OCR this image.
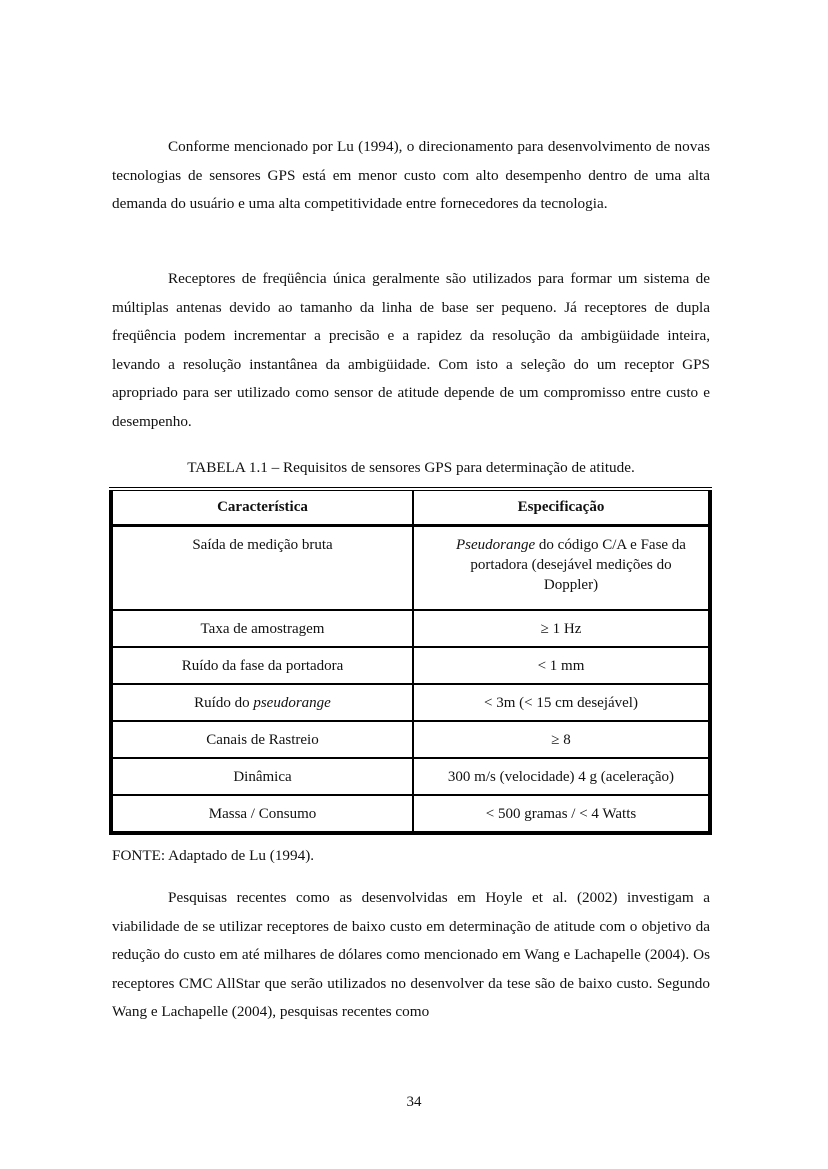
Conforme mencionado por Lu (1994), o direcionamento para desenvolvimento de novas tecnologias de sensores GPS está em menor custo com alto desempenho dentro de uma alta demanda do usuário e uma alta competitividade entre fornecedores da tecnologia.

Receptores de freqüência única geralmente são utilizados para formar um sistema de múltiplas antenas devido ao tamanho da linha de base ser pequeno. Já receptores de dupla freqüência podem incrementar a precisão e a rapidez da resolução da ambigüidade inteira, levando a resolução instantânea da ambigüidade. Com isto a seleção do um receptor GPS apropriado para ser utilizado como sensor de atitude depende de um compromisso entre custo e desempenho.

TABELA 1.1 – Requisitos de sensores GPS para determinação de atitude.
Característica	Especificação
Saída de medição bruta	Pseudorange do código C/A e Fase da portadora (desejável medições do Doppler)

Taxa de amostragem	≥ 1 Hz
Ruído da fase da portadora	< 1 mm
Ruído do pseudorange	< 3m (< 15 cm desejável)
Canais de Rastreio	≥ 8
Dinâmica	300 m/s (velocidade) 4 g (aceleração)
Massa / Consumo	< 500 gramas / < 4 Watts
FONTE: Adaptado de Lu (1994).

Pesquisas recentes como as desenvolvidas em Hoyle et al. (2002) investigam a viabilidade de se utilizar receptores de baixo custo em determinação de atitude com o objetivo da redução do custo em até milhares de dólares como mencionado em Wang e Lachapelle (2004). Os receptores CMC AllStar que serão utilizados no desenvolver da tese são de baixo custo. Segundo Wang e Lachapelle (2004), pesquisas recentes como

34
